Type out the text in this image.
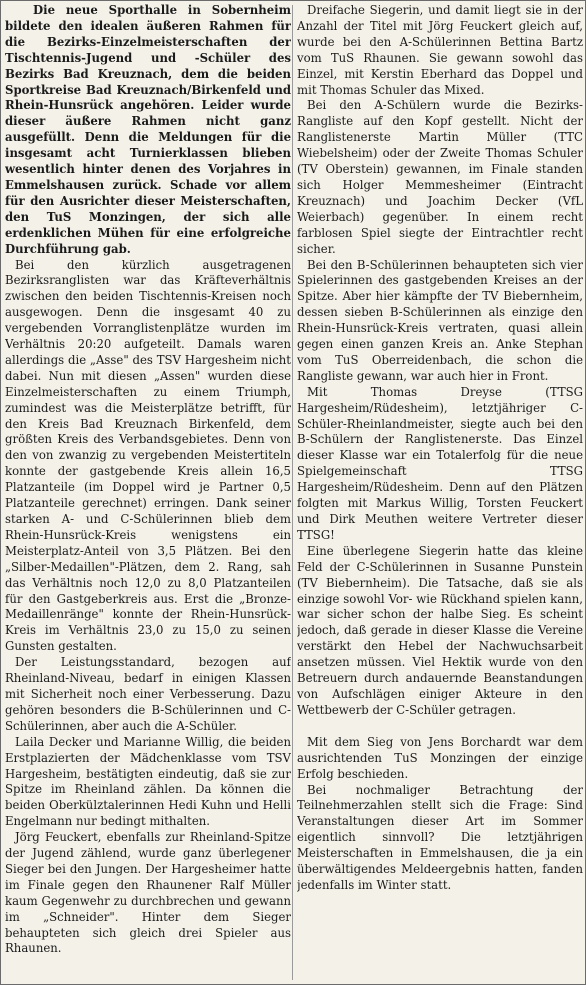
Die neue Sporthalle in Sobernheim bildete den idealen äußeren Rahmen für die Bezirks-Einzelmeisterschaften der Tischtennis-Jugend und -Schüler des Bezirks Bad Kreuznach, dem die beiden Sportkreise Bad Kreuznach/Birkenfeld und Rhein-Hunsrück angehören. Leider wurde dieser äußere Rahmen nicht ganz ausgefüllt. Denn die Meldungen für die insgesamt acht Turnierklassen blieben wesentlich hinter denen des Vorjahres in Emmelshausen zurück. Schade vor allem für den Ausrichter dieser Meisterschaften, den TuS Monzingen, der sich alle erdenklichen Mühen für eine erfolgreiche Durchführung gab.

Bei den kürzlich ausgetragenen Bezirksranglisten war das Kräfteverhältnis zwischen den beiden Tischtennis-Kreisen noch ausgewogen. Denn die insgesamt 40 zu vergebenden Vorranglistenplätze wurden im Verhältnis 20:20 aufgeteilt. Damals waren allerdings die „Asse" des TSV Hargesheim nicht dabei. Nun mit diesen „Assen" wurden diese Einzelmeisterschaften zu einem Triumph, zumindest was die Meisterplätze betrifft, für den Kreis Bad Kreuznach Birkenfeld, dem größten Kreis des Verbandsgebietes. Denn von den von zwanzig zu vergebenden Meistertiteln konnte der gastgebende Kreis allein 16,5 Platzanteile (im Doppel wird je Partner 0,5 Platzanteile gerechnet) erringen. Dank seiner starken A- und C-Schülerinnen blieb dem Rhein-Hunsrück-Kreis wenigstens ein Meisterplatz-Anteil von 3,5 Plätzen. Bei den „Silber-Medaillen"-Plätzen, dem 2. Rang, sah das Verhältnis noch 12,0 zu 8,0 Platzanteilen für den Gastgeberkreis aus. Erst die „Bronze-Medaillenränge" konnte der Rhein-Hunsrück-Kreis im Verhältnis 23,0 zu 15,0 zu seinen Gunsten gestalten.

Der Leistungsstandard, bezogen auf Rheinland-Niveau, bedarf in einigen Klassen mit Sicherheit noch einer Verbesserung. Dazu gehören besonders die B-Schülerinnen und C-Schülerinnen, aber auch die A-Schüler.

Laila Decker und Marianne Willig, die beiden Erstplazierten der Mädchenklasse vom TSV Hargesheim, bestätigten eindeutig, daß sie zur Spitze im Rheinland zählen. Da können die beiden Oberkülztalerinnen Hedi Kuhn und Helli Engelmann nur bedingt mithalten.

Jörg Feuckert, ebenfalls zur Rheinland-Spitze der Jugend zählend, wurde ganz überlegener Sieger bei den Jungen. Der Hargesheimer hatte im Finale gegen den Rhaunener Ralf Müller kaum Gegenwehr zu durchbrechen und gewann im „Schneider". Hinter dem Sieger behaupteten sich gleich drei Spieler aus Rhaunen.

Dreifache Siegerin, und damit liegt sie in der Anzahl der Titel mit Jörg Feuckert gleich auf, wurde bei den A-Schülerinnen Bettina Bartz vom TuS Rhaunen. Sie gewann sowohl das Einzel, mit Kerstin Eberhard das Doppel und mit Thomas Schuler das Mixed.

Bei den A-Schülern wurde die Bezirks-Rangliste auf den Kopf gestellt. Nicht der Ranglistenerste Martin Müller (TTC Wiebelsheim) oder der Zweite Thomas Schuler (TV Oberstein) gewannen, im Finale standen sich Holger Memmesheimer (Eintracht Kreuznach) und Joachim Decker (VfL Weierbach) gegenüber. In einem recht farblosen Spiel siegte der Eintrachtler recht sicher.

Bei den B-Schülerinnen behaupteten sich vier Spielerinnen des gastgebenden Kreises an der Spitze. Aber hier kämpfte der TV Biebernheim, dessen sieben B-Schülerinnen als einzige den Rhein-Hunsrück-Kreis vertraten, quasi allein gegen einen ganzen Kreis an. Anke Stephan vom TuS Oberreidenbach, die schon die Rangliste gewann, war auch hier in Front.

Mit Thomas Dreyse (TTSG Hargesheim/Rüdesheim), letztjähriger C-Schüler-Rheinlandmeister, siegte auch bei den B-Schülern der Ranglistenerste. Das Einzel dieser Klasse war ein Totalerfolg für die neue Spielgemeinschaft TTSG Hargesheim/Rüdesheim. Denn auf den Plätzen folgten mit Markus Willig, Torsten Feuckert und Dirk Meuthen weitere Vertreter dieser TTSG!

Eine überlegene Siegerin hatte das kleine Feld der C-Schülerinnen in Susanne Punstein (TV Biebernheim). Die Tatsache, daß sie als einzige sowohl Vor- wie Rückhand spielen kann, war sicher schon der halbe Sieg. Es scheint jedoch, daß gerade in dieser Klasse die Vereine verstärkt den Hebel der Nachwuchsarbeit ansetzen müssen. Viel Hektik wurde von den Betreuern durch andauernde Beanstandungen von Aufschlägen einiger Akteure in den Wettbewerb der C-Schüler getragen.

Mit dem Sieg von Jens Borchardt war dem ausrichtenden TuS Monzingen der einzige Erfolg beschieden.

Bei nochmaliger Betrachtung der Teilnehmerzahlen stellt sich die Frage: Sind Veranstaltungen dieser Art im Sommer eigentlich sinnvoll? Die letztjährigen Meisterschaften in Emmelshausen, die ja ein überwältigendes Meldeergebnis hatten, fanden jedenfalls im Winter statt.
